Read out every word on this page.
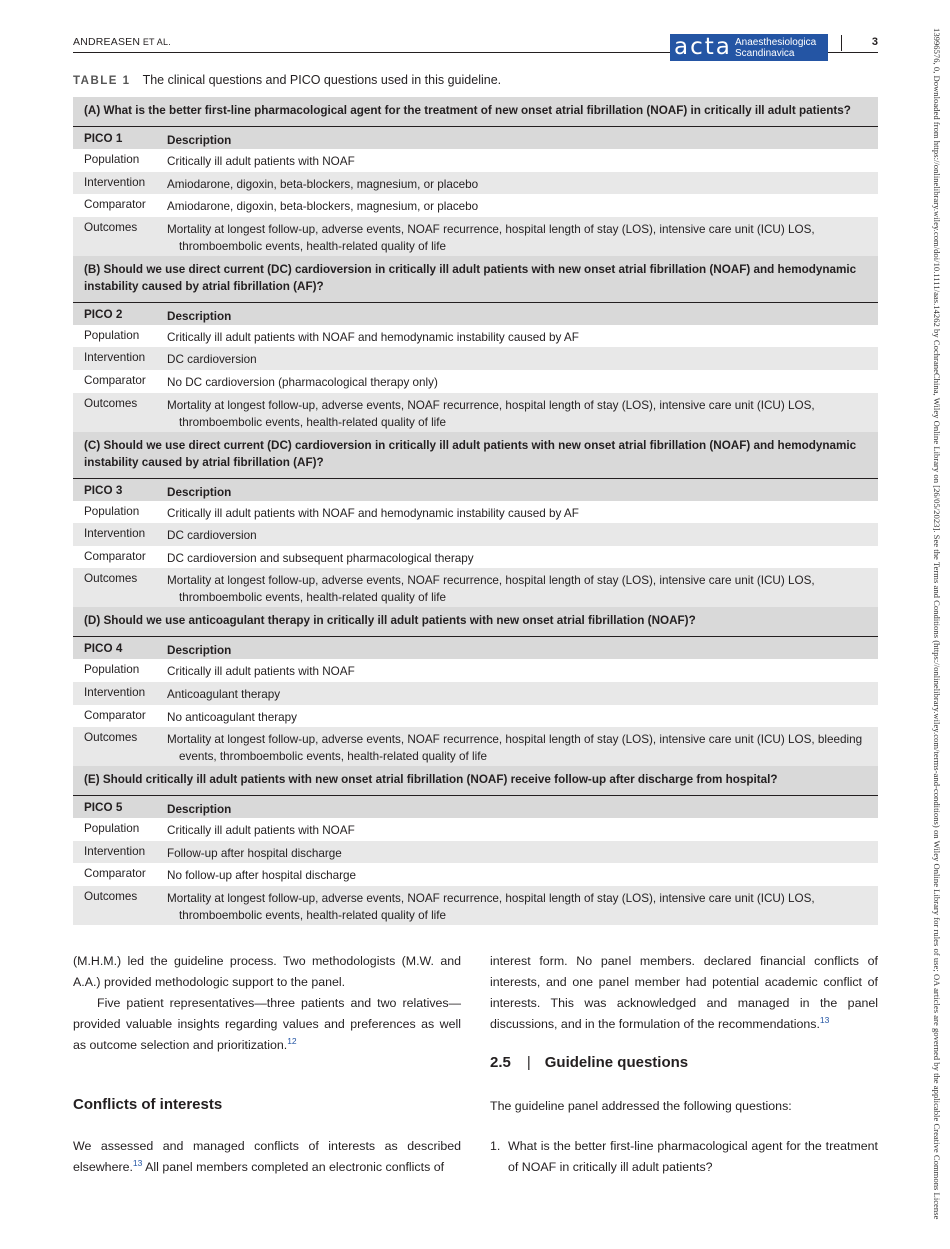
ANDREASEN ET AL.	acta Anaesthesiologica
Scandinavica
3	13996576, 0, Downloaded from https://onlinelibrary.wiley.com/doi/10.1111/aas.14262 by CochraneChina, Wiley Online Library on [26/05/2023]. See the Terms and Conditions (https://onlinelibrary.wiley.com/terms-and-conditions) on Wiley Online Library for rules of use; OA articles are governed by the applicable Creative Commons License
TABLE 1 The clinical questions and PICO questions used in this guideline.
(A) What is the better first-line pharmacological agent for the treatment of new onset atrial fibrillation (NOAF) in critically ill adult patients?
PICO 1	Description
Population Critically ill adult patients with NOAF
Intervention Amiodarone, digoxin, beta-blockers, magnesium, or placebo
Comparator Amiodarone, digoxin, beta-blockers, magnesium, or placebo
Outcomes	Mortality at longest follow-up, adverse events, NOAF recurrence, hospital length of stay (LOS), intensive care unit (ICU) LOS, thromboembolic events, health-related quality of life
(B) Should we use direct current (DC) cardioversion in critically ill adult patients with new onset atrial fibrillation (NOAF) and hemodynamic instability caused by atrial fibrillation (AF)?
PICO 2	Description
Population Critically ill adult patients with NOAF and hemodynamic instability caused by AF
Intervention DC cardioversion
Comparator No DC cardioversion (pharmacological therapy only)
Outcomes	Mortality at longest follow-up, adverse events, NOAF recurrence, hospital length of stay (LOS), intensive care unit (ICU) LOS, thromboembolic events, health-related quality of life
(C) Should we use direct current (DC) cardioversion in critically ill adult patients with new onset atrial fibrillation (NOAF) and hemodynamic instability caused by atrial fibrillation (AF)?
PICO 3	Description
Population Critically ill adult patients with NOAF and hemodynamic instability caused by AF
Intervention DC cardioversion
Comparator DC cardioversion and subsequent pharmacological therapy
Outcomes	Mortality at longest follow-up, adverse events, NOAF recurrence, hospital length of stay (LOS), intensive care unit (ICU) LOS, thromboembolic events, health-related quality of life
(D) Should we use anticoagulant therapy in critically ill adult patients with new onset atrial fibrillation (NOAF)?
PICO 4	Description
Population Critically ill adult patients with NOAF
Intervention Anticoagulant therapy
Comparator No anticoagulant therapy
Outcomes	Mortality at longest follow-up, adverse events, NOAF recurrence, hospital length of stay (LOS), intensive care unit (ICU) LOS, bleeding events, thromboembolic events, health-related quality of life
(E) Should critically ill adult patients with new onset atrial fibrillation (NOAF) receive follow-up after discharge from hospital?
PICO 5	Description
Population Critically ill adult patients with NOAF
Intervention Follow-up after hospital discharge
Comparator No follow-up after hospital discharge
Outcomes	Mortality at longest follow-up, adverse events, NOAF recurrence, hospital length of stay (LOS), intensive care unit (ICU) LOS, thromboembolic events, health-related quality of life

(M.H.M.) led the guideline process. Two methodologists (M.W. and A.A.) provided methodologic support to the panel.

Five patient representatives—three patients and two relatives—provided valuable insights regarding values and preferences as well as outcome selection and prioritization.$^{12}$

Conflicts of interests

We assessed and managed conflicts of interests as described elsewhere.$^{13}$ All panel members completed an electronic conflicts of

interest form. No panel members. declared financial conflicts of interests, and one panel member had potential academic conflict of interests. This was acknowledged and managed in the panel discussions, and in the formulation of the recommendations.$^{13}$

2.5 | Guideline questions

The guideline panel addressed the following questions:

1. What is the better first-line pharmacological agent for the treatment of NOAF in critically ill adult patients?
